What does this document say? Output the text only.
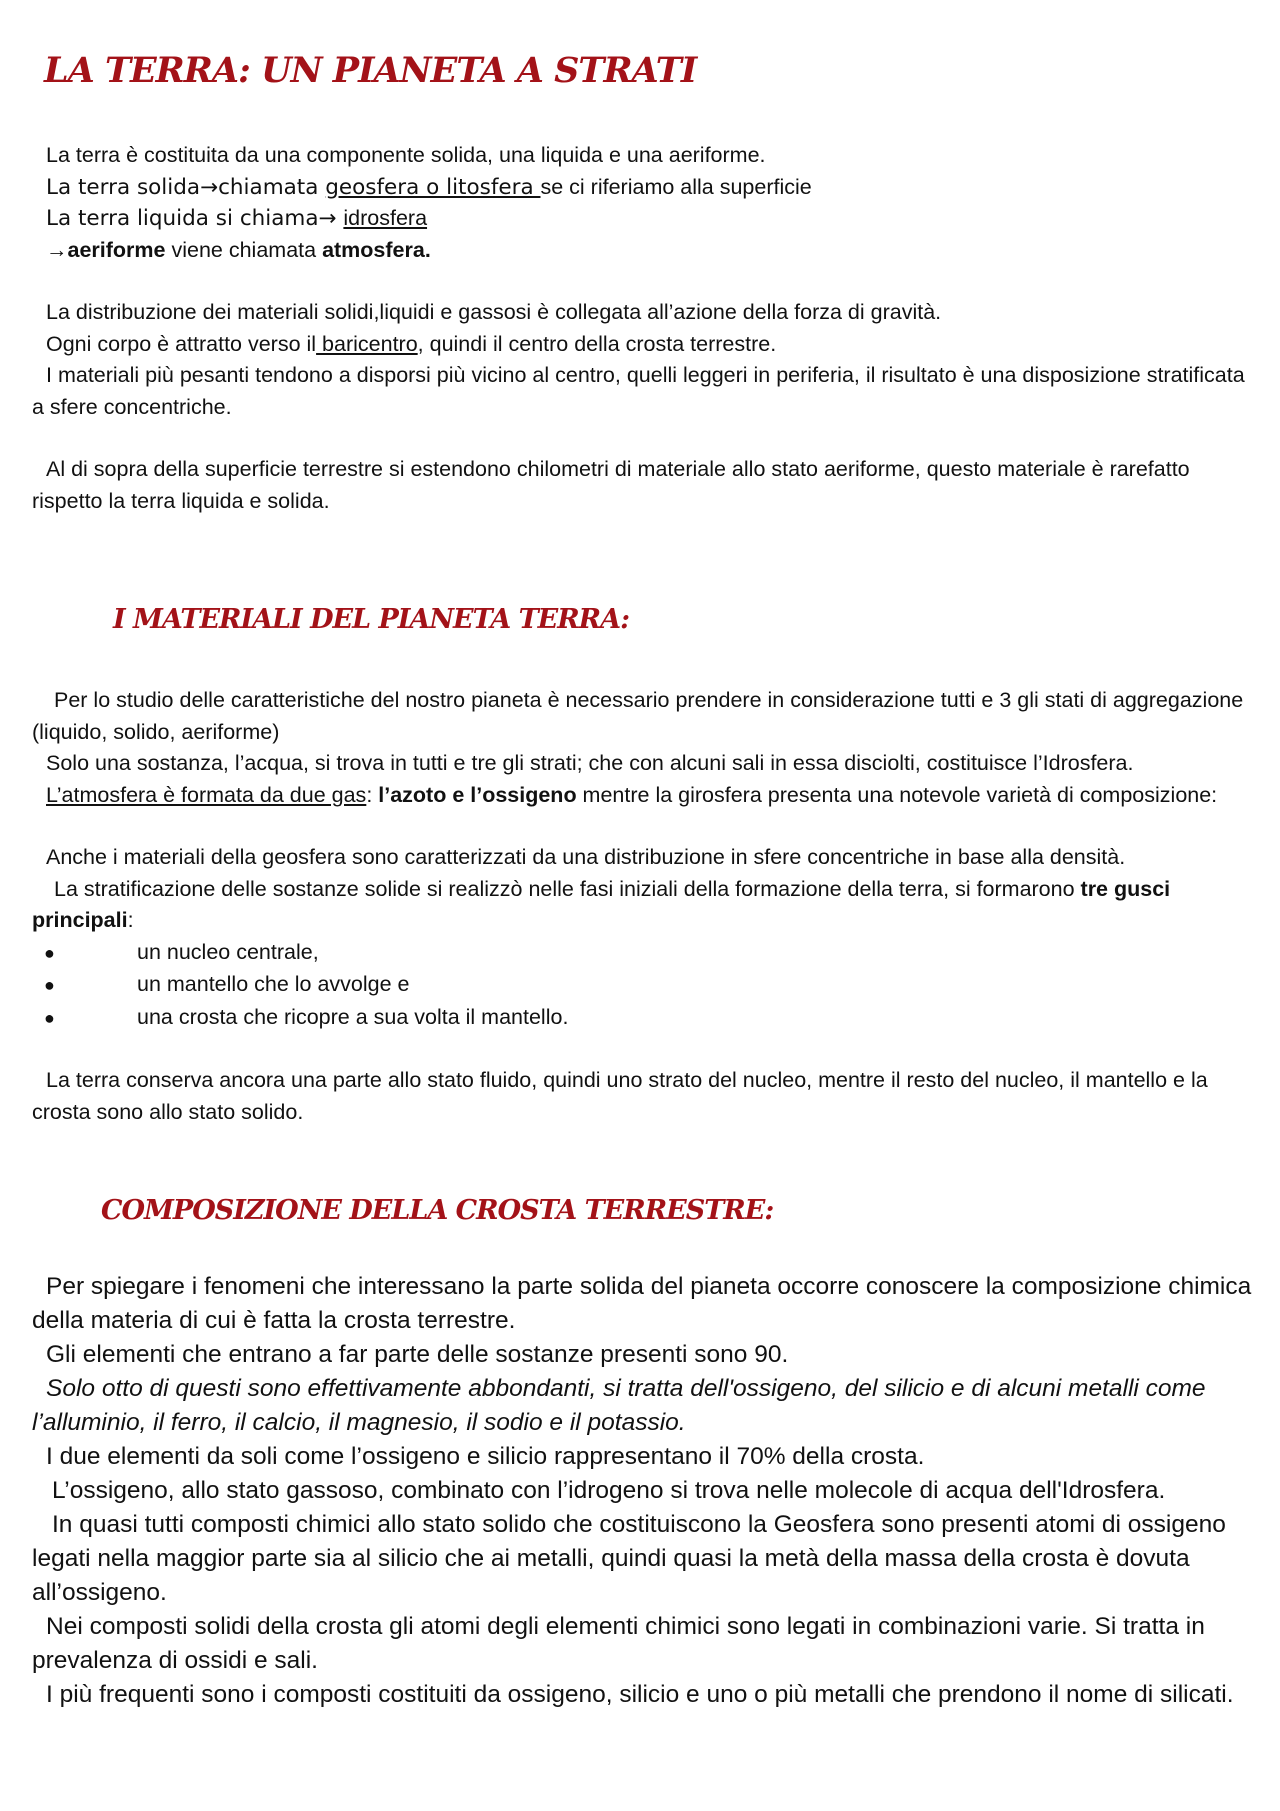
LA TERRA: UN PIANETA A STRATI
La terra è costituita da una componente solida, una liquida e una aeriforme.
La terra solida→chiamata geosfera o litosfera se ci riferiamo alla superficie
La terra liquida si chiama→ idrosfera
→aeriforme viene chiamata atmosfera.
La distribuzione dei materiali solidi,liquidi e gassosi è collegata all’azione della forza di gravità.
Ogni corpo è attratto verso il baricentro, quindi il centro della crosta terrestre.
I materiali più pesanti tendono a disporsi più vicino al centro, quelli leggeri in periferia, il risultato è una disposizione stratificata a sfere concentriche.
Al di sopra della superficie terrestre si estendono chilometri di materiale allo stato aeriforme, questo materiale è rarefatto rispetto la terra liquida e solida.
I MATERIALI DEL PIANETA TERRA:
Per lo studio delle caratteristiche del nostro pianeta è necessario prendere in considerazione tutti e 3 gli stati di aggregazione (liquido, solido, aeriforme)
Solo una sostanza, l’acqua, si trova in tutti e tre gli strati; che con alcuni sali in essa disciolti, costituisce l’Idrosfera.
L’atmosfera è formata da due gas: l’azoto e l’ossigeno mentre la girosfera presenta una notevole varietà di composizione:
Anche i materiali della geosfera sono caratterizzati da una distribuzione in sfere concentriche in base alla densità.
La stratificazione delle sostanze solide si realizzò nelle fasi iniziali della formazione della terra, si formarono tre gusci principali:
●	un nucleo centrale,
●	un mantello che lo avvolge e
●	una crosta che ricopre a sua volta il mantello.
La terra conserva ancora una parte allo stato fluido, quindi uno strato del nucleo, mentre il resto del nucleo, il mantello e la crosta sono allo stato solido.
COMPOSIZIONE DELLA CROSTA TERRESTRE:
Per spiegare i fenomeni che interessano la parte solida del pianeta occorre conoscere la composizione chimica della materia di cui è fatta la crosta terrestre.
Gli elementi che entrano a far parte delle sostanze presenti sono 90.
Solo otto di questi sono effettivamente abbondanti, si tratta dell'ossigeno, del silicio e di alcuni metalli come l’alluminio, il ferro, il calcio, il magnesio, il sodio e il potassio.
I due elementi da soli come l’ossigeno e silicio rappresentano il 70% della crosta.
L’ossigeno, allo stato gassoso, combinato con l’idrogeno si trova nelle molecole di acqua dell'Idrosfera.
In quasi tutti composti chimici allo stato solido che costituiscono la Geosfera sono presenti atomi di ossigeno legati nella maggior parte sia al silicio che ai metalli, quindi quasi la metà della massa della crosta è dovuta all’ossigeno.
Nei composti solidi della crosta gli atomi degli elementi chimici sono legati in combinazioni varie. Si tratta in prevalenza di ossidi e sali.
I più frequenti sono i composti costituiti da ossigeno, silicio e uno o più metalli che prendono il nome di silicati.
